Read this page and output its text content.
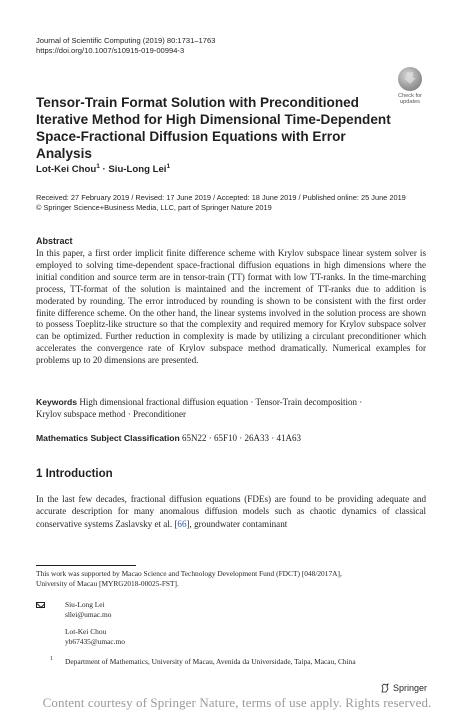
Journal of Scientific Computing (2019) 80:1731–1763
https://doi.org/10.1007/s10915-019-00994-3
Check for
updates
Tensor-Train Format Solution with Preconditioned Iterative Method for High Dimensional Time-Dependent Space-Fractional Diffusion Equations with Error Analysis
Lot-Kei Chou$^1$ · Siu-Long Lei$^1$
Received: 27 February 2019 / Revised: 17 June 2019 / Accepted: 18 June 2019 / Published online: 25 June 2019
© Springer Science+Business Media, LLC, part of Springer Nature 2019
Abstract
In this paper, a first order implicit finite difference scheme with Krylov subspace linear system solver is employed to solving time-dependent space-fractional diffusion equations in high dimensions where the initial condition and source term are in tensor-train (TT) format with low TT-ranks. In the time-marching process, TT-format of the solution is maintained and the increment of TT-ranks due to addition is moderated by rounding. The error introduced by rounding is shown to be consistent with the first order finite difference scheme. On the other hand, the linear systems involved in the solution process are shown to possess Toeplitz-like structure so that the complexity and required memory for Krylov subspace solver can be optimized. Further reduction in complexity is made by utilizing a circulant preconditioner which accelerates the convergence rate of Krylov subspace method dramatically. Numerical examples for problems up to 20 dimensions are presented.
Keywords High dimensional fractional diffusion equation · Tensor-Train decomposition ·
Krylov subspace method · Preconditioner
Mathematics Subject Classification 65N22 · 65F10 · 26A33 · 41A63
1 Introduction
In the last few decades, fractional diffusion equations (FDEs) are found to be providing adequate and accurate description for many anomalous diffusion models such as chaotic dynamics of classical conservative systems Zaslavsky et al. [66], groundwater contaminant
This work was supported by Macao Science and Technology Development Fund (FDCT) [048/2017A],
University of Macau [MYRG2018-00025-FST].
Siu-Long Lei
sllei@umac.mo
Lot-Kei Chou
yb67435@umac.mo
1 Department of Mathematics, University of Macau, Avenida da Universidade, Taipa, Macau, China
Springer
Content courtesy of Springer Nature, terms of use apply. Rights reserved.
